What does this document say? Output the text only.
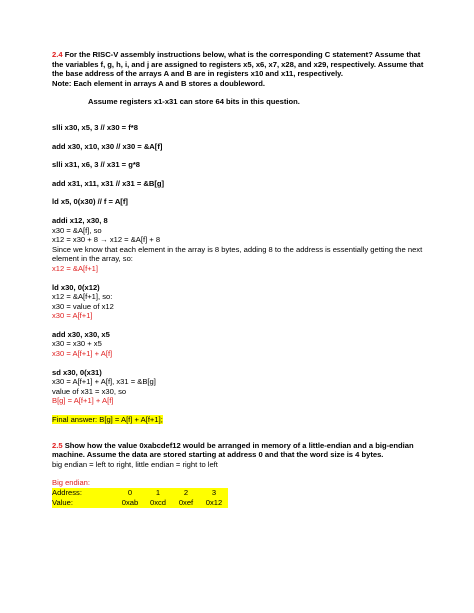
2.4 For the RISC-V assembly instructions below, what is the corresponding C statement? Assume that the variables f, g, h, i, and j are assigned to registers x5, x6, x7, x28, and x29, respectively. Assume that the base address of the arrays A and B are in registers x10 and x11, respectively.

Note: Each element in arrays A and B stores a doubleword.

Assume registers x1-x31 can store 64 bits in this question.

slli x30, x5, 3 // x30 = f*8

add x30, x10, x30 // x30 = &A[f]

slli x31, x6, 3 // x31 = g*8

add x31, x11, x31 // x31 = &B[g]

ld x5, 0(x30) // f = A[f]

addi x12, x30, 8

x30 = &A[f], so

x12 = x30 + 8 → x12 = &A[f] + 8

Since we know that each element in the array is 8 bytes, adding 8 to the address is essentially getting the next element in the array, so:

x12 = &A[f+1]

ld x30, 0(x12)

x12 = &A[f+1], so:

x30 = value of x12

x30 = A[f+1]

add x30, x30, x5

x30 = x30 + x5

x30 = A[f+1] + A[f]

sd x30, 0(x31)

x30 = A[f+1] + A[f], x31 = &B[g]

value of x31 = x30, so

B[g] = A[f+1] + A[f]

Final answer: B[g] = A[f] + A[f+1];

2.5 Show how the value 0xabcdef12 would be arranged in memory of a little-endian and a big-endian machine. Assume the data are stored starting at address 0 and that the word size is 4 bytes.

big endian = left to right, little endian = right to left

Big endian:

Address:	0	1	2	3
Value:	0xab	0xcd	0xef	0x12
